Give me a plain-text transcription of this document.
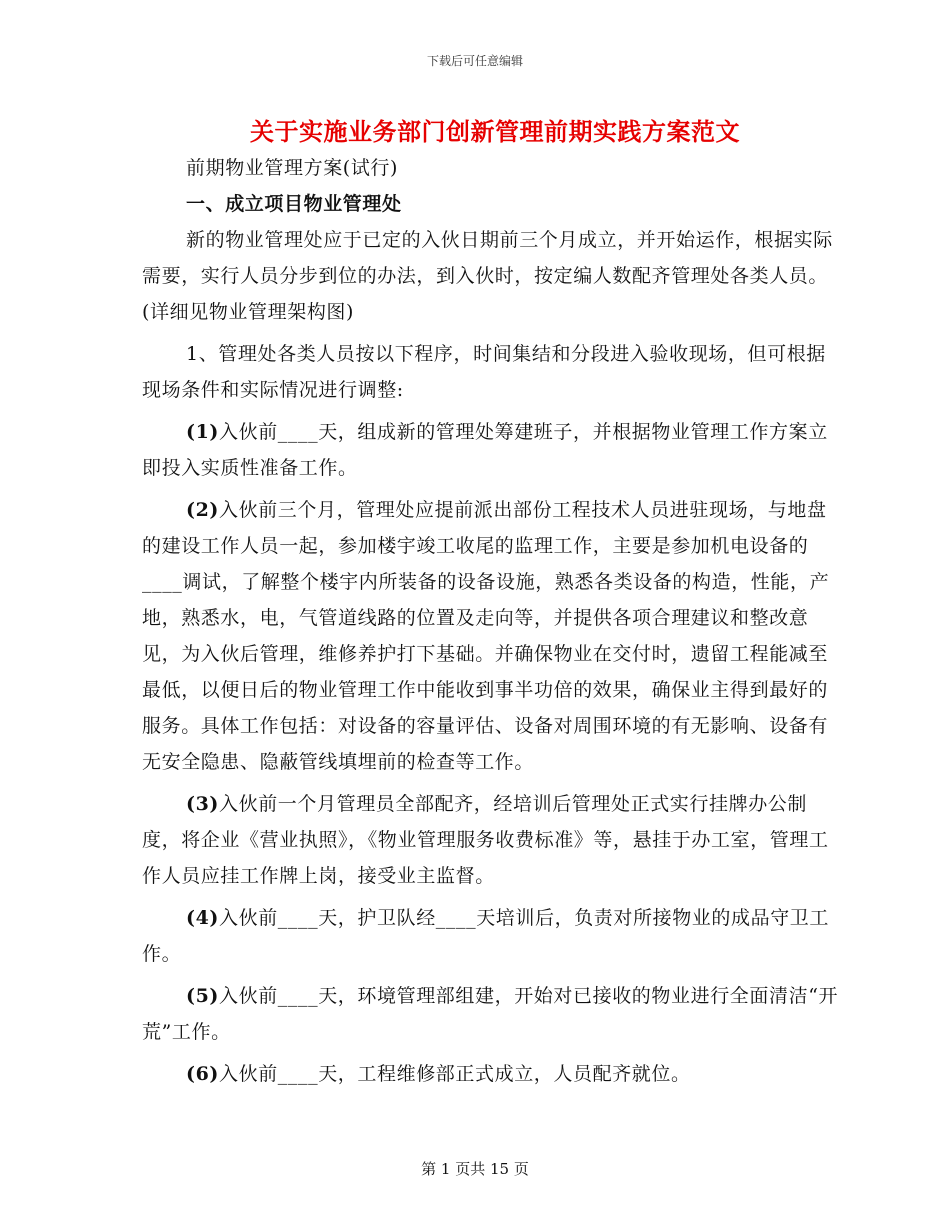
下载后可任意编辑
关于实施业务部门创新管理前期实践方案范文

前期物业管理方案(试行)

一、成立项目物业管理处

新的物业管理处应于已定的入伙日期前三个月成立，并开始运作，根据实际需要，实行人员分步到位的办法，到入伙时，按定编人数配齐管理处各类人员。(详细见物业管理架构图)

1、管理处各类人员按以下程序，时间集结和分段进入验收现场，但可根据现场条件和实际情况进行调整:

(1)入伙前____天，组成新的管理处筹建班子，并根据物业管理工作方案立即投入实质性准备工作。

(2)入伙前三个月，管理处应提前派出部份工程技术人员进驻现场，与地盘的建设工作人员一起，参加楼宇竣工收尾的监理工作，主要是参加机电设备的____调试，了解整个楼宇内所装备的设备设施，熟悉各类设备的构造，性能，产地，熟悉水，电，气管道线路的位置及走向等，并提供各项合理建议和整改意见，为入伙后管理，维修养护打下基础。并确保物业在交付时，遗留工程能减至最低，以便日后的物业管理工作中能收到事半功倍的效果，确保业主得到最好的服务。具体工作包括：对设备的容量评估、设备对周围环境的有无影响、设备有无安全隐患、隐蔽管线填埋前的检查等工作。

(3)入伙前一个月管理员全部配齐，经培训后管理处正式实行挂牌办公制度，将企业《营业执照》，《物业管理服务收费标准》等，悬挂于办工室，管理工作人员应挂工作牌上岗，接受业主监督。

(4)入伙前____天，护卫队经____天培训后，负责对所接物业的成品守卫工作。

(5)入伙前____天，环境管理部组建，开始对已接收的物业进行全面清洁“开荒”工作。

(6)入伙前____天，工程维修部正式成立，人员配齐就位。

第 1 页共 15 页
